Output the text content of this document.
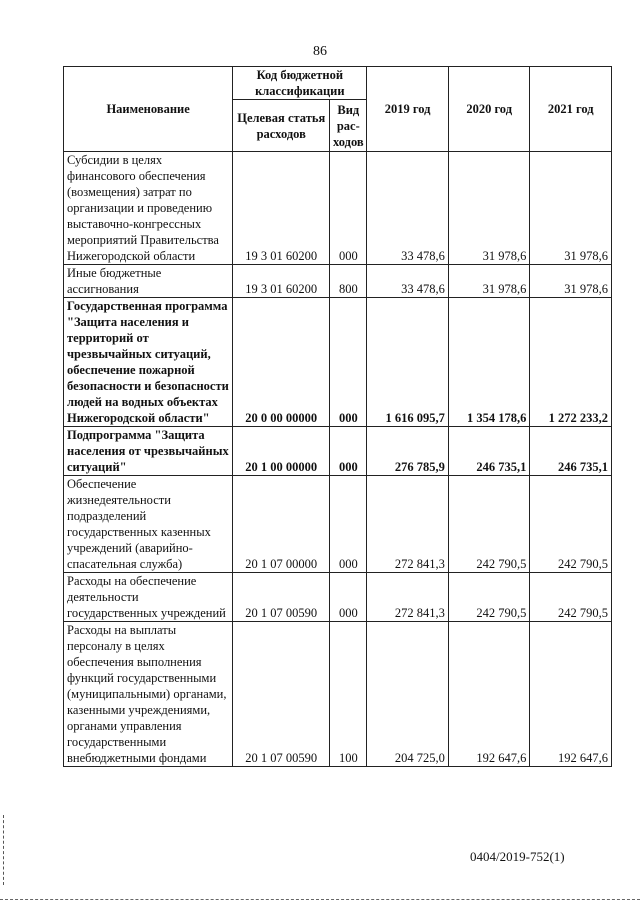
86
Наименование	Код бюджетной классификации		2019 год	2020 год	2021 год
	Целевая статья расходов	Вид рас-ходов			
Субсидии в целях финансового обеспечения (возмещения) затрат по организации и проведению выставочно-конгрессных мероприятий Правительства Нижегородской области	19 3 01 60200	000	33 478,6	31 978,6	31 978,6
Иные бюджетные ассигнования	19 3 01 60200	800	33 478,6	31 978,6	31 978,6
Государственная программа "Защита населения и территорий от чрезвычайных ситуаций, обеспечение пожарной безопасности и безопасности людей на водных объектах Нижегородской области"	20 0 00 00000	000	1 616 095,7	1 354 178,6	1 272 233,2
Подпрограмма "Защита населения от чрезвычайных ситуаций"	20 1 00 00000	000	276 785,9	246 735,1	246 735,1
Обеспечение жизнедеятельности подразделений государственных казенных учреждений (аварийно-спасательная служба)	20 1 07 00000	000	272 841,3	242 790,5	242 790,5
Расходы на обеспечение деятельности государственных учреждений	20 1 07 00590	000	272 841,3	242 790,5	242 790,5
Расходы на выплаты персоналу в целях обеспечения выполнения функций государственными (муниципальными) органами, казенными учреждениями, органами управления государственными внебюджетными фондами	20 1 07 00590	100	204 725,0	192 647,6	192 647,6
0404/2019-752(1)
